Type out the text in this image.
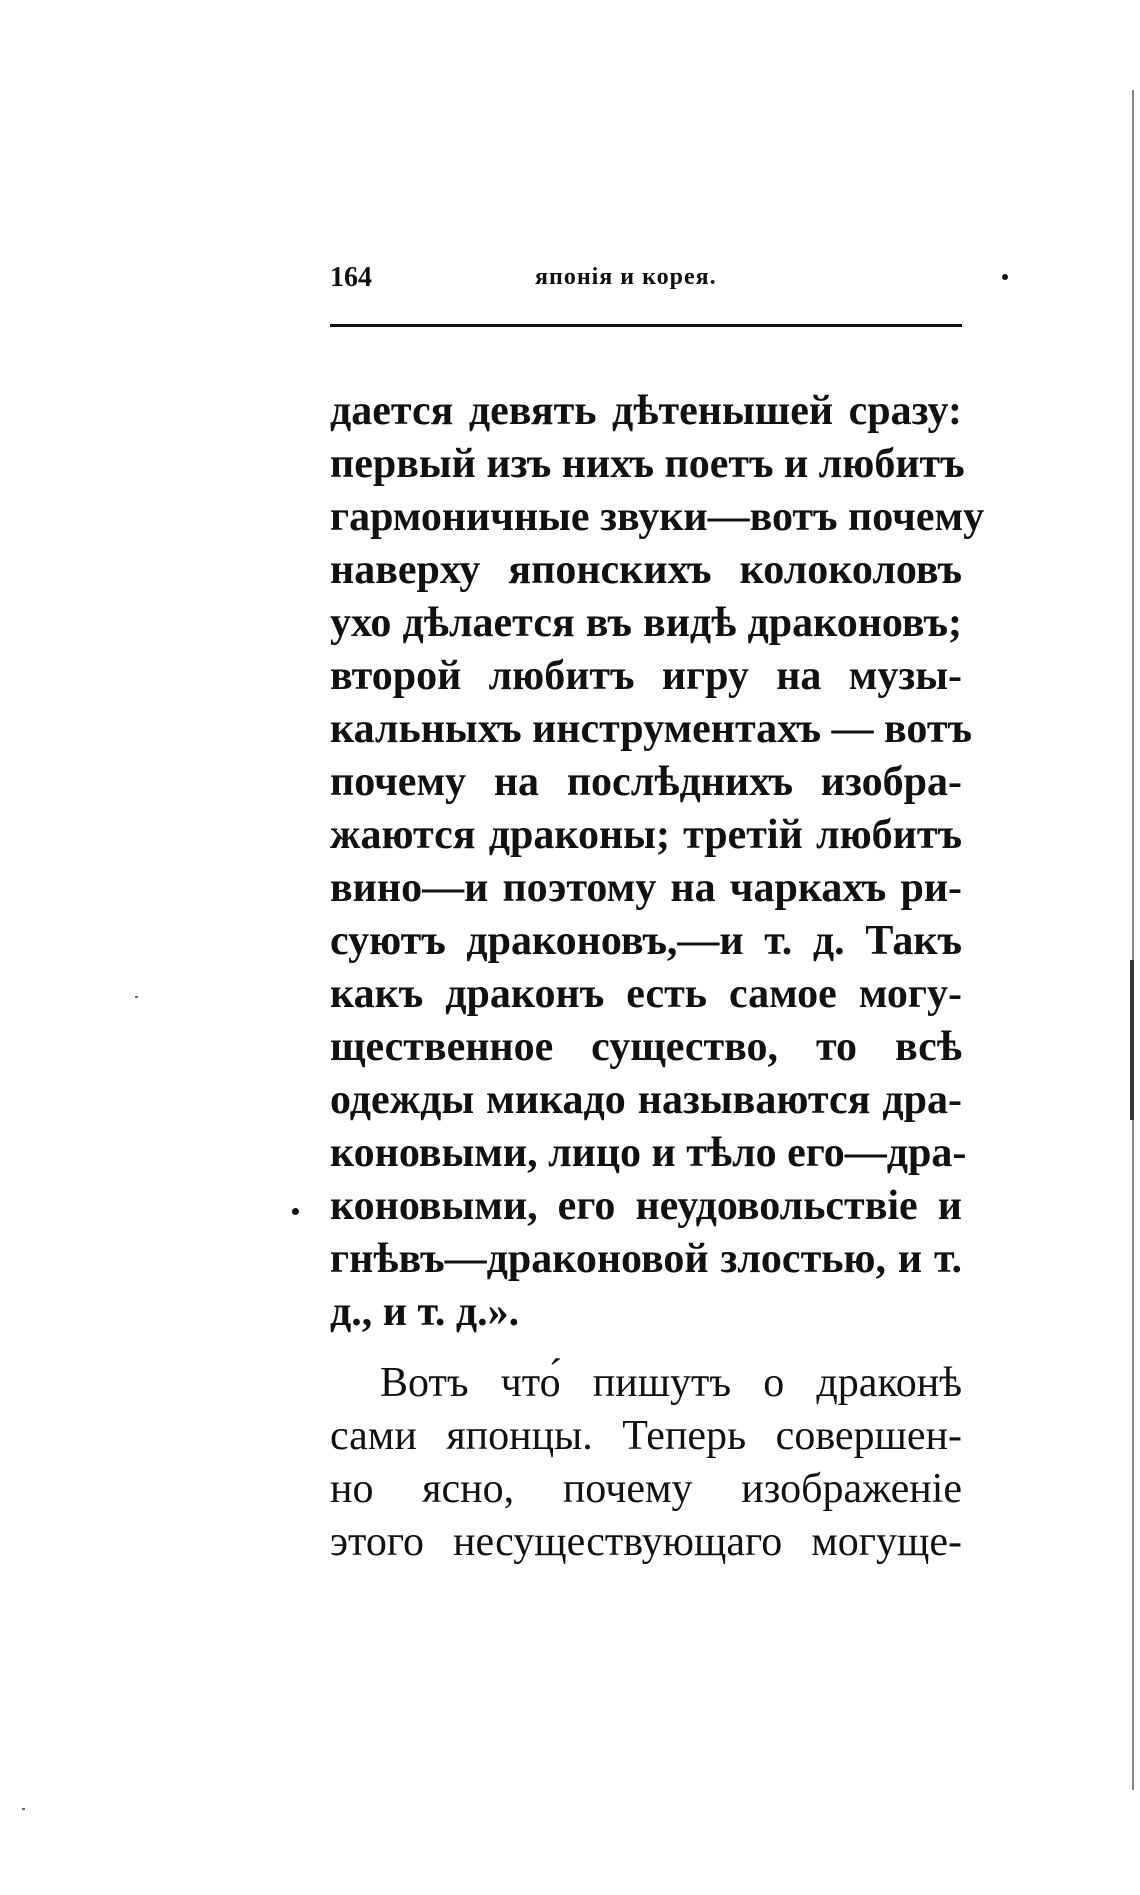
164	японія и корея.
дается девять дѣтенышей сразу:
первый изъ нихъ поетъ и любитъ
гармоничные звуки—вотъ почему
наверху японскихъ колоколовъ
ухо дѣлается въ видѣ драконовъ;
второй любитъ игру на музы-
кальныхъ инструментахъ — вотъ
почему на послѣднихъ изобра-
жаются драконы; третій любитъ
вино—и поэтому на чаркахъ ри-
суютъ драконовъ,—и т. д. Такъ
какъ драконъ есть самое могу-
щественное существо, то всѣ
одежды микадо называются дра-
коновыми, лицо и тѣло его—дра-
коновыми, его неудовольствіе и
гнѣвъ—драконовой злостью, и т.
д., и т. д.».
Вотъ что́ пишутъ о драконѣ
сами японцы. Теперь совершен-
но ясно, почему изображеніе
этого несуществующаго могуще-
